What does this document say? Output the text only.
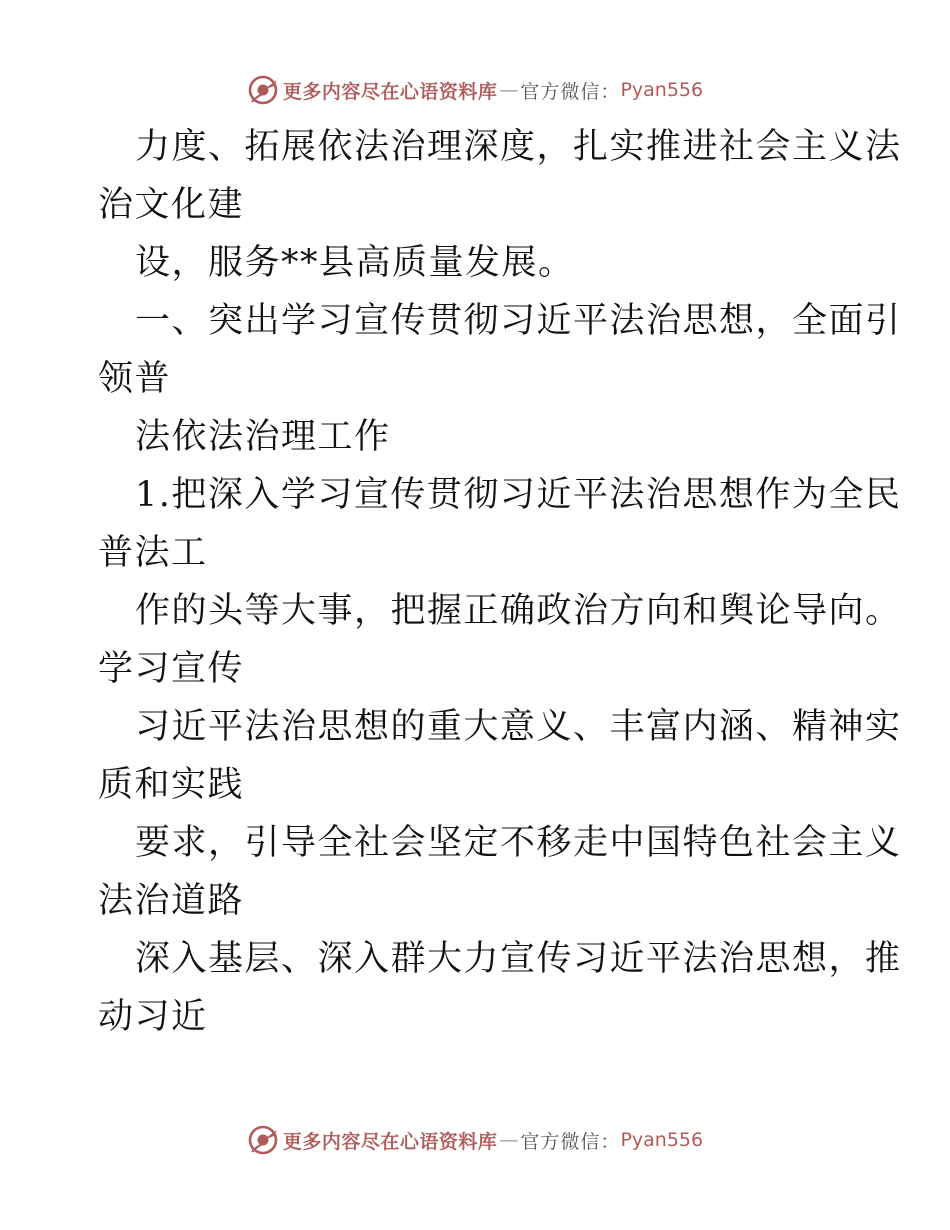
更多内容尽在心语资料库 — 官方微信： Pyan556
力度、拓展依法治理深度，扎实推进社会主义法
治文化建
设，服务**县高质量发展。
一、突出学习宣传贯彻习近平法治思想，全面引
领普
法依法治理工作
1.把深入学习宣传贯彻习近平法治思想作为全民
普法工
作的头等大事，把握正确政治方向和舆论导向。
学习宣传
习近平法治思想的重大意义、丰富内涵、精神实
质和实践
要求，引导全社会坚定不移走中国特色社会主义
法治道路
深入基层、深入群大力宣传习近平法治思想，推
动习近
更多内容尽在心语资料库 — 官方微信： Pyan556
